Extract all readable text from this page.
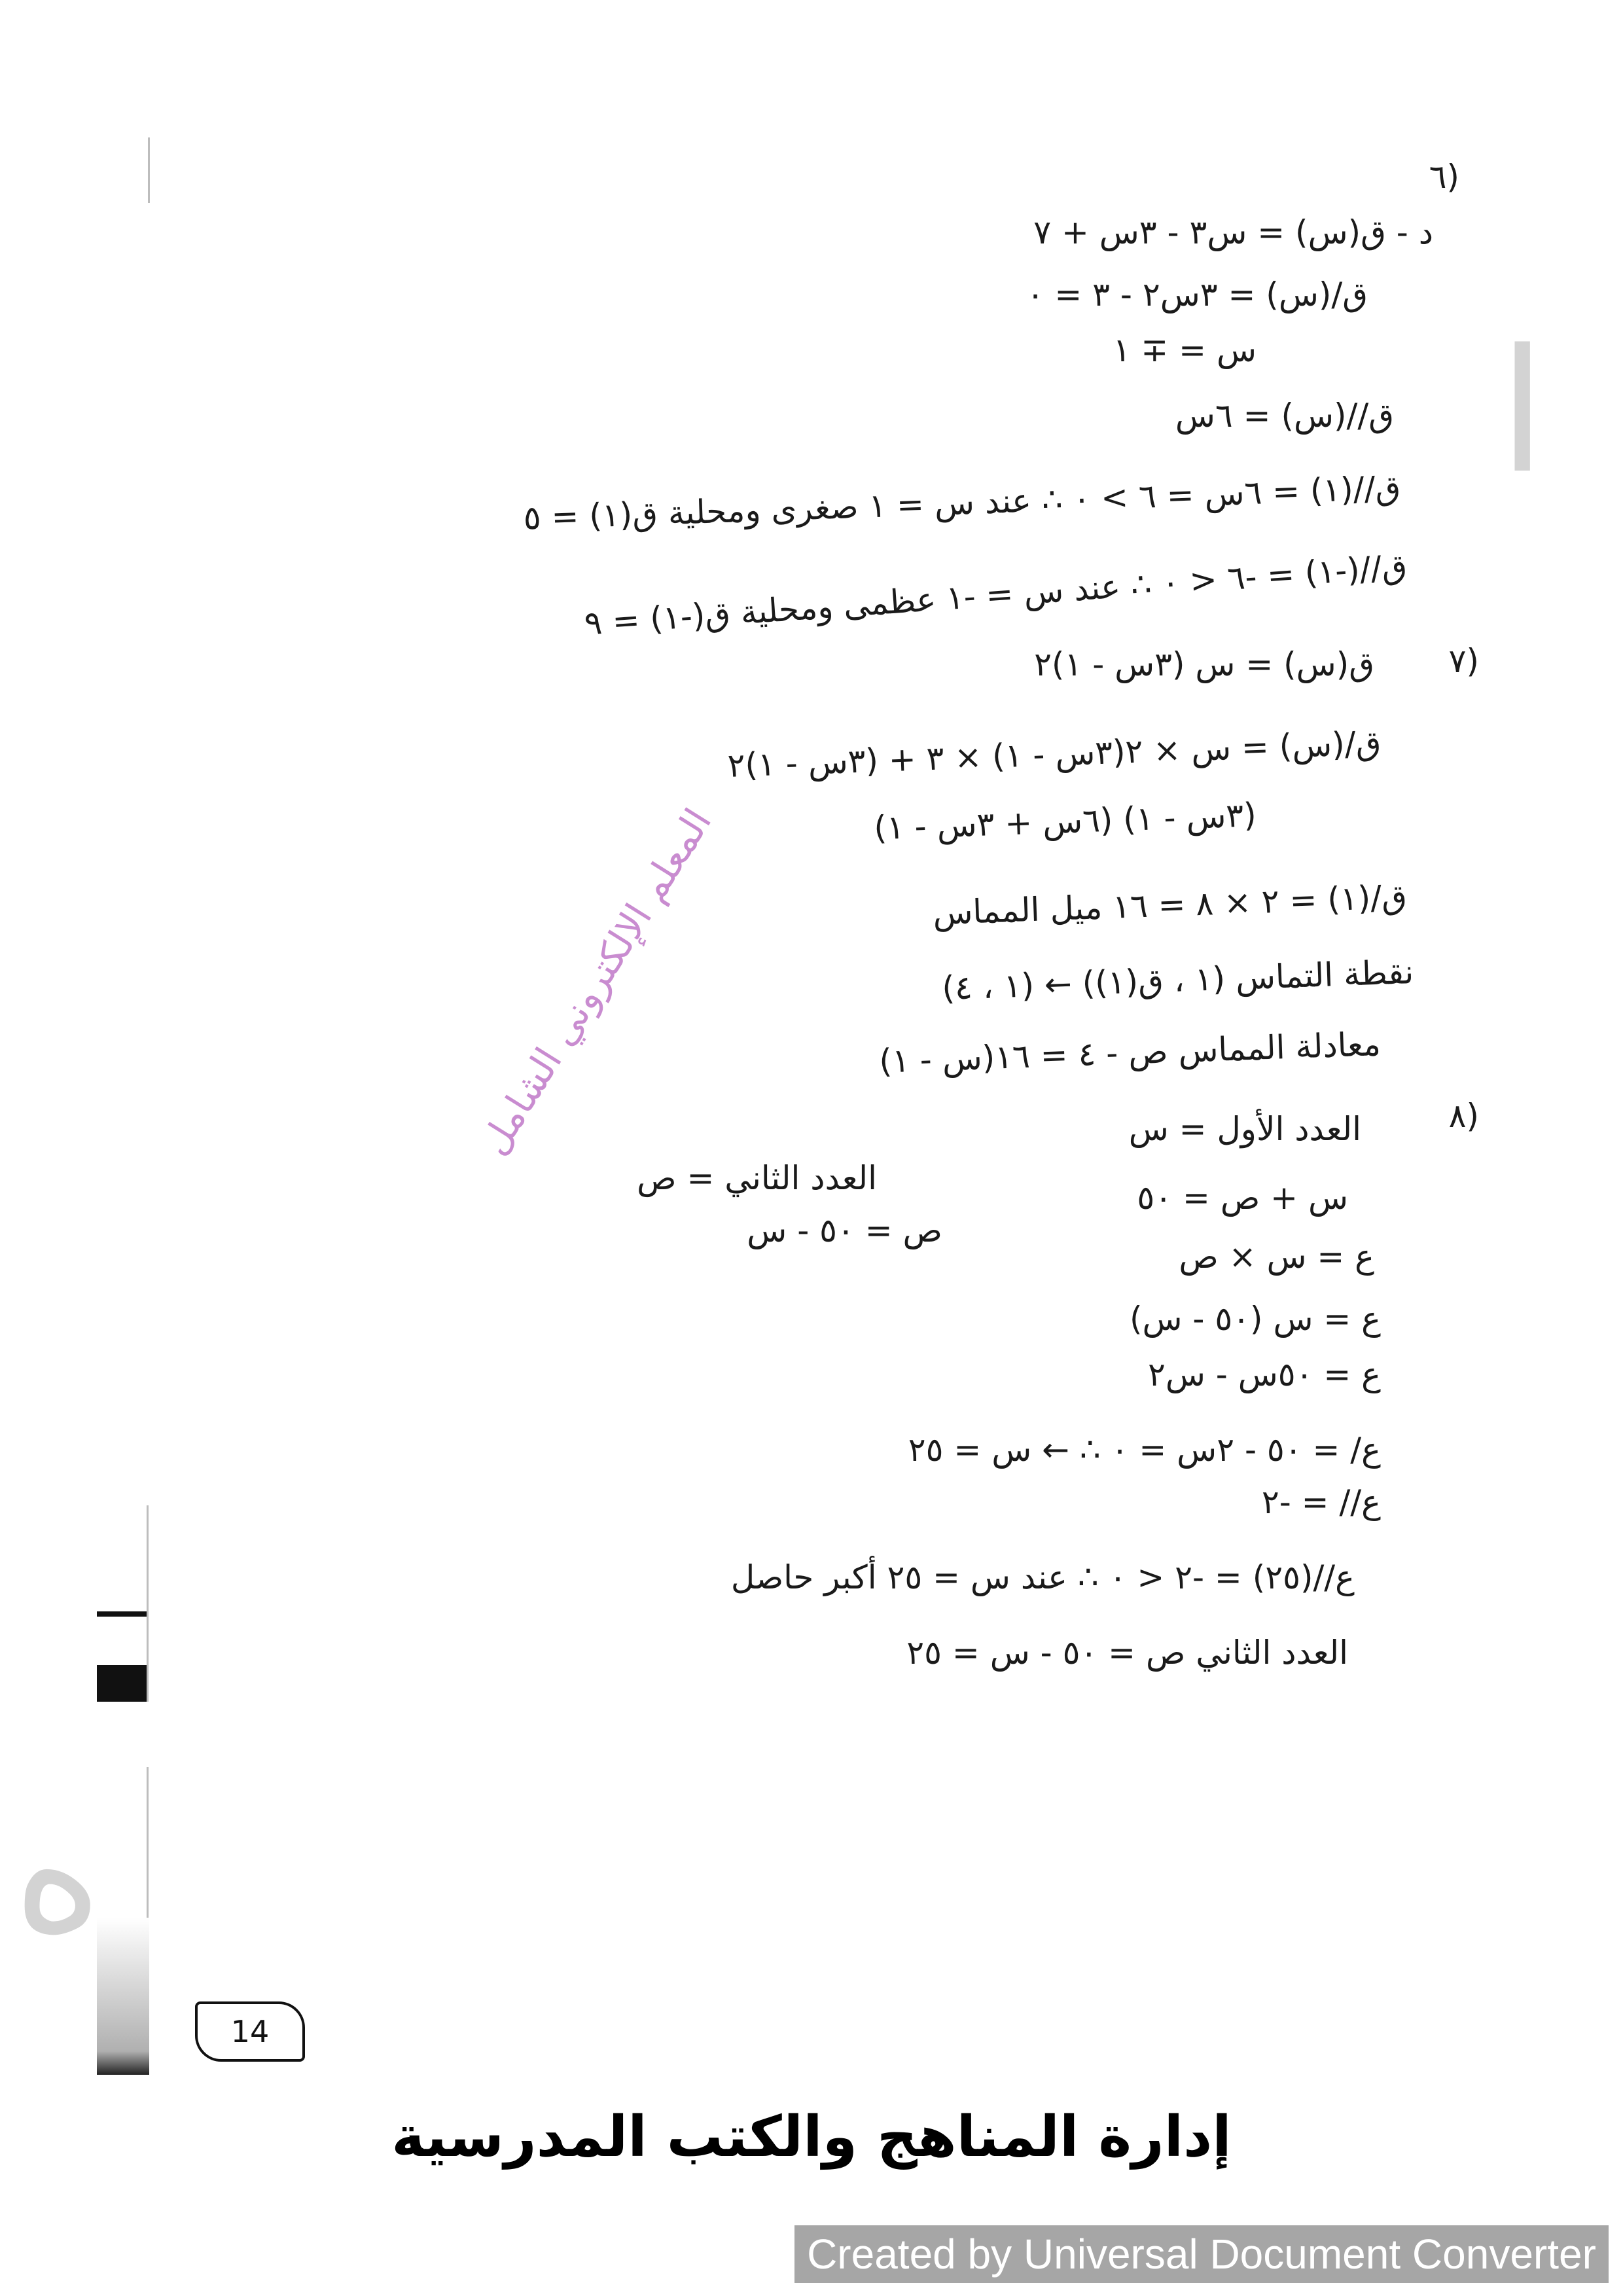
ا
ه
(٦
د - ق(س) = س٣ - ٣س + ٧
ق/(س) = ٣س٢ - ٣ = ٠
س = ∓ ١
ق//(س) = ٦س
ق//(١) = ٦س = ٦ > ٠ ∴ عند س = ١ صغرى ومحلية ق(١) = ٥
ق//(-١) = -٦ < ٠ ∴ عند س = -١ عظمى ومحلية ق(-١) = ٩
(٧
ق(س) = س (٣س - ١)٢
ق/(س) = س × ٢(٣س - ١) × ٣ + (٣س - ١)٢
(٣س - ١) (٦س + ٣س - ١)
ق/(١) = ٢ × ٨ = ١٦ ميل المماس
نقطة التماس (١ ، ق(١)) ← (١ ، ٤)
معادلة المماس ص - ٤ = ١٦(س - ١)
(٨
العدد الأول = س
العدد الثاني = ص
س + ص = ٥٠
ص = ٥٠ - س
ع = س × ص
ع = س (٥٠ - س)
ع = ٥٠س - س٢
ع/ = ٥٠ - ٢س = ٠ ∴ ← س = ٢٥
ع// = -٢
ع//(٢٥) = -٢ < ٠ ∴ عند س = ٢٥ أكبر حاصل
العدد الثاني ص = ٥٠ - س = ٢٥
المعلم الإلكتروني الشامل
14
إدارة المناهج والكتب المدرسية
Created by Universal Document Converter
